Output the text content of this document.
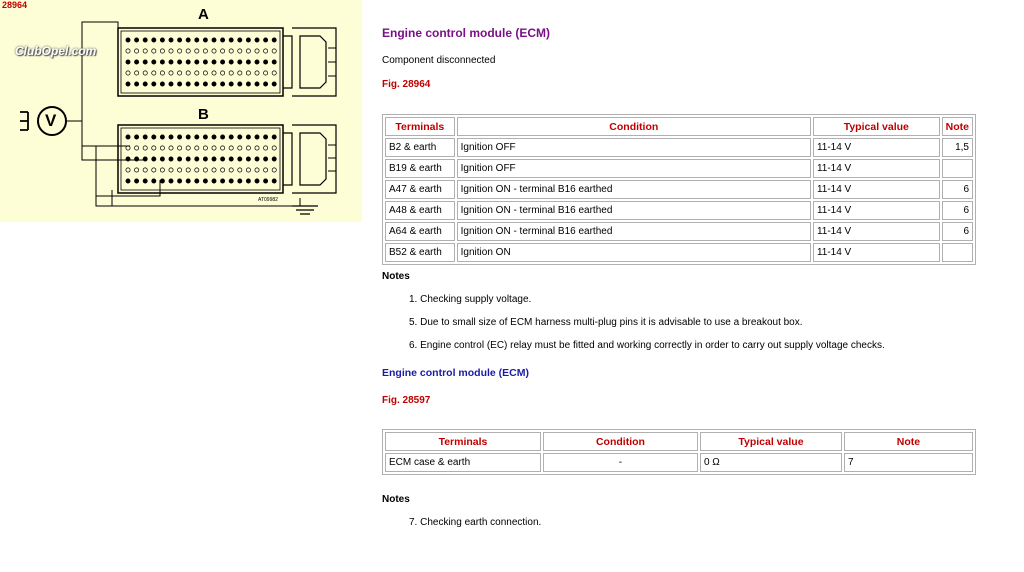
28964
ClubOpel.com
A
B
V
AT09982
Engine control module (ECM)

Component disconnected

Fig. 28964

Terminals	Condition	Typical value	Note
B2 & earth	Ignition OFF	11-14 V	1,5
B19 & earth	Ignition OFF	11-14 V	
A47 & earth	Ignition ON - terminal B16 earthed	11-14 V	6
A48 & earth	Ignition ON - terminal B16 earthed	11-14 V	6
A64 & earth	Ignition ON - terminal B16 earthed	11-14 V	6
B52 & earth	Ignition ON	11-14 V	

Notes

1. Checking supply voltage.
5. Due to small size of ECM harness multi-plug pins it is advisable to use a breakout box.
6. Engine control (EC) relay must be fitted and working correctly in order to carry out supply voltage checks.
Engine control module (ECM)

Fig. 28597

Terminals	Condition	Typical value	Note
ECM case & earth	-	0 Ω	7

Notes

7. Checking earth connection.
